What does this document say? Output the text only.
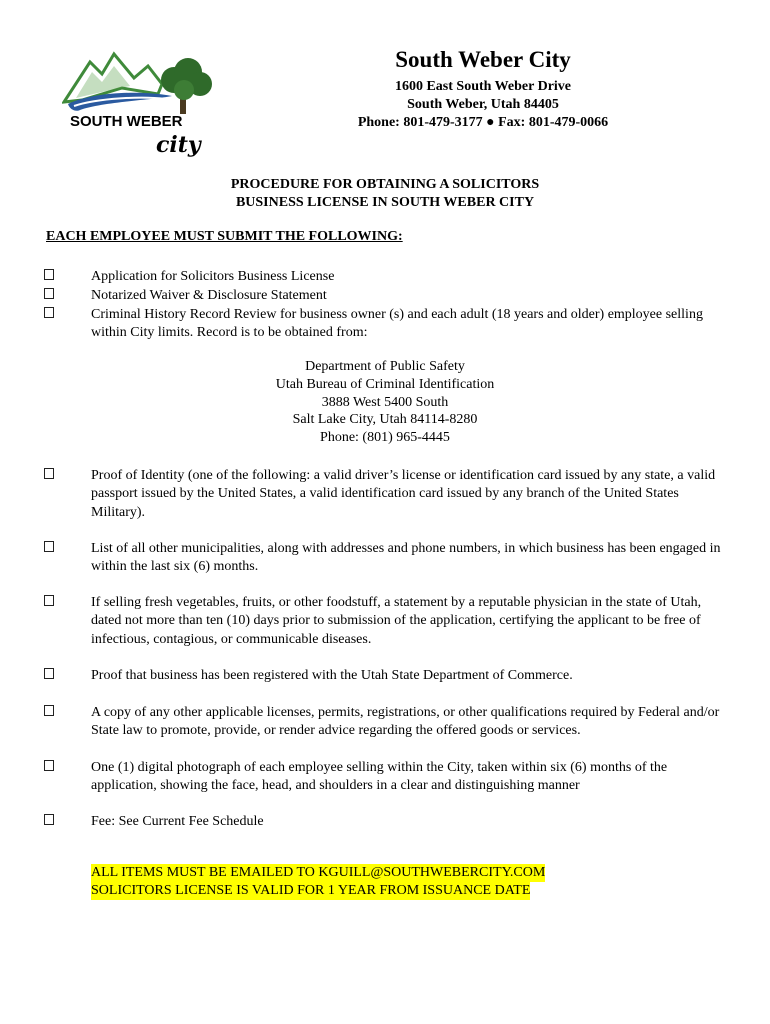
SOUTH WEBER
city
South Weber City
1600 East South Weber Drive
South Weber, Utah 84405
Phone: 801-479-3177 ● Fax: 801-479-0066
PROCEDURE FOR OBTAINING A SOLICITORS
BUSINESS LICENSE IN SOUTH WEBER CITY
EACH EMPLOYEE MUST SUBMIT THE FOLLOWING:
Application for Solicitors Business License
Notarized Waiver & Disclosure Statement
Criminal History Record Review for business owner (s) and each adult (18 years and older) employee selling within City limits. Record is to be obtained from:
Department of Public Safety
Utah Bureau of Criminal Identification
3888 West 5400 South
Salt Lake City, Utah 84114-8280
Phone: (801) 965-4445
Proof of Identity (one of the following: a valid driver’s license or identification card issued by any state, a valid passport issued by the United States, a valid identification card issued by any branch of the United States Military).
List of all other municipalities, along with addresses and phone numbers, in which business has been engaged in within the last six (6) months.
If selling fresh vegetables, fruits, or other foodstuff, a statement by a reputable physician in the state of Utah, dated not more than ten (10) days prior to submission of the application, certifying the applicant to be free of infectious, contagious, or communicable diseases.
Proof that business has been registered with the Utah State Department of Commerce.
A copy of any other applicable licenses, permits, registrations, or other qualifications required by Federal and/or State law to promote, provide, or render advice regarding the offered goods or services.
One (1) digital photograph of each employee selling within the City, taken within six (6) months of the application, showing the face, head, and shoulders in a clear and distinguishing manner
Fee: See Current Fee Schedule
ALL ITEMS MUST BE EMAILED TO KGUILL@SOUTHWEBERCITY.COM
SOLICITORS LICENSE IS VALID FOR 1 YEAR FROM ISSUANCE DATE
